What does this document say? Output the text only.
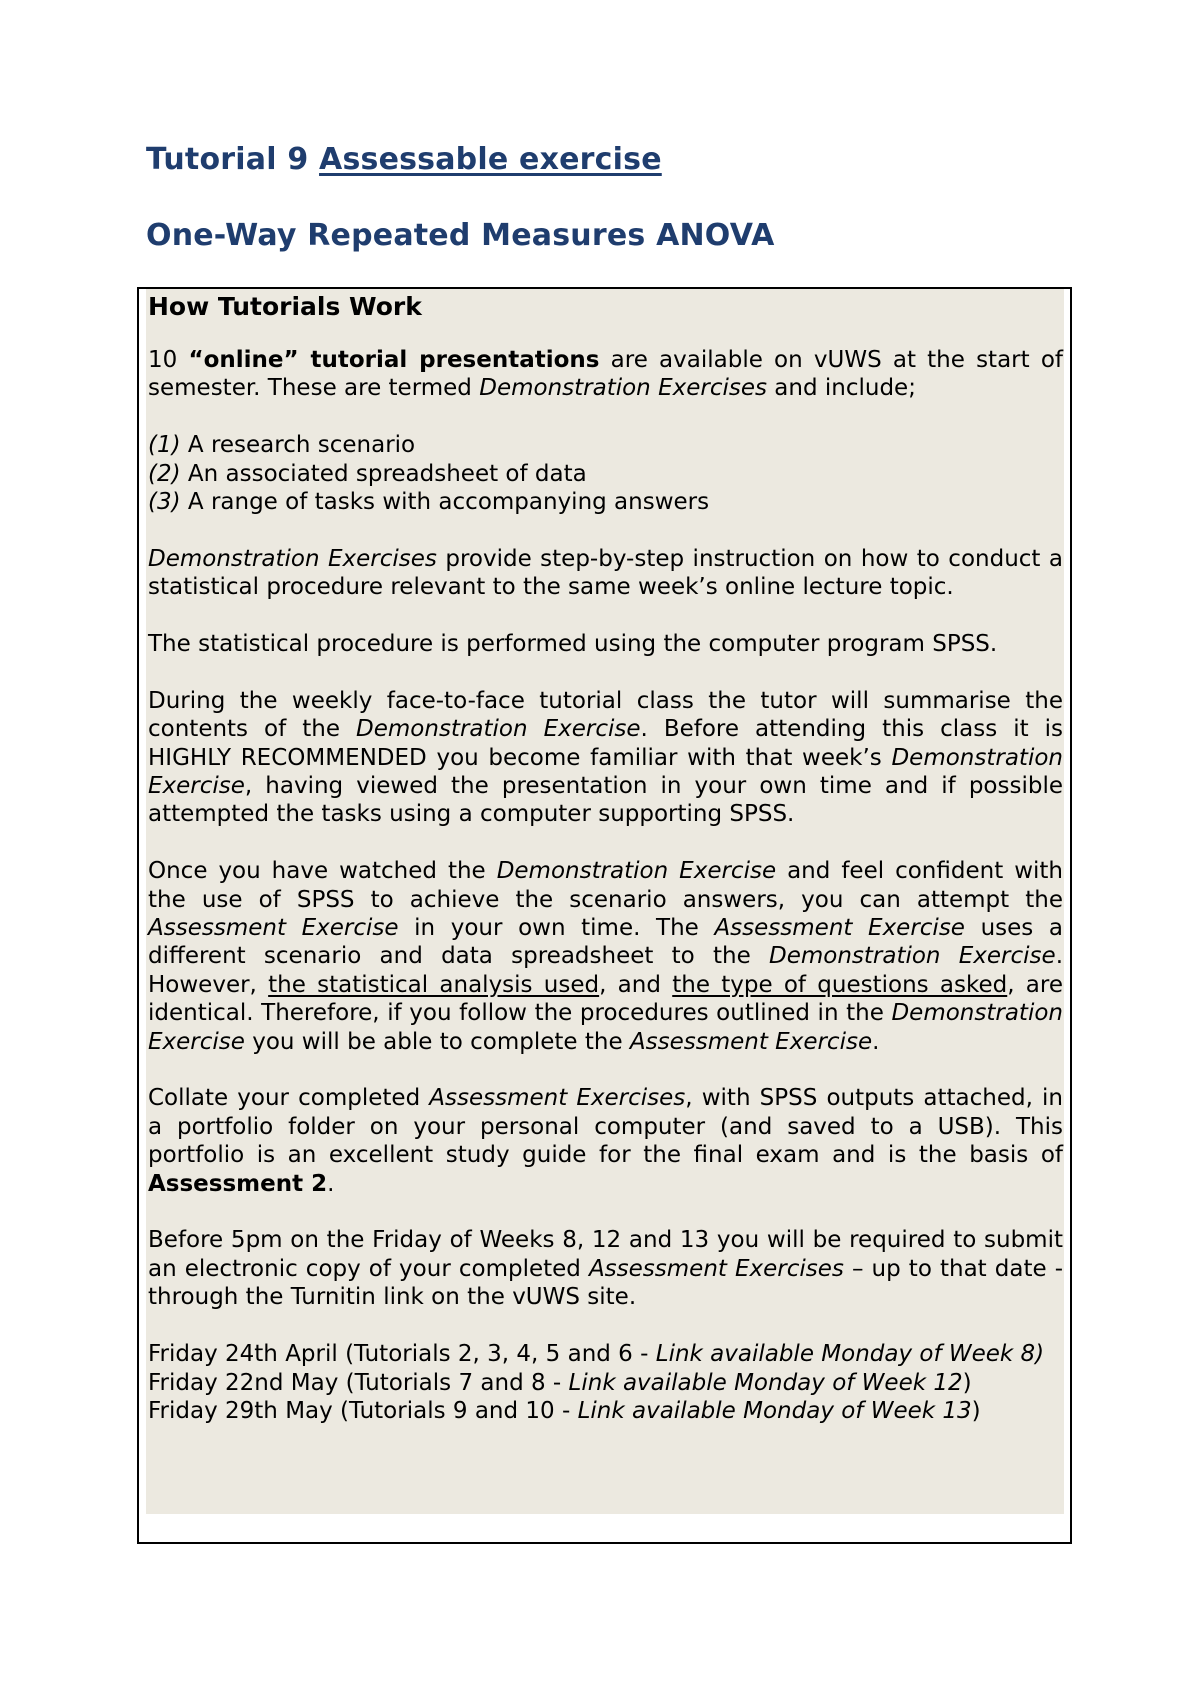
Tutorial 9 Assessable exercise
One-Way Repeated Measures ANOVA

How Tutorials Work

10 “online” tutorial presentations are available on vUWS at the start of semester. These are termed Demonstration Exercises and include;

(1) A research scenario

(2) An associated spreadsheet of data

(3) A range of tasks with accompanying answers

Demonstration Exercises provide step-by-step instruction on how to conduct a statistical procedure relevant to the same week’s online lecture topic.

The statistical procedure is performed using the computer program SPSS.

During the weekly face-to-face tutorial class the tutor will summarise the contents of the Demonstration Exercise. Before attending this class it is HIGHLY RECOMMENDED you become familiar with that week’s Demonstration Exercise, having viewed the presentation in your own time and if possible attempted the tasks using a computer supporting SPSS.

Once you have watched the Demonstration Exercise and feel confident with the use of SPSS to achieve the scenario answers, you can attempt the Assessment Exercise in your own time. The Assessment Exercise uses a different scenario and data spreadsheet to the Demonstration Exercise. However, the statistical analysis used, and the type of questions asked, are identical. Therefore, if you follow the procedures outlined in the Demonstration Exercise you will be able to complete the Assessment Exercise.

Collate your completed Assessment Exercises, with SPSS outputs attached, in a portfolio folder on your personal computer (and saved to a USB). This portfolio is an excellent study guide for the final exam and is the basis of Assessment 2.

Before 5pm on the Friday of Weeks 8, 12 and 13 you will be required to submit an electronic copy of your completed Assessment Exercises – up to that date - through the Turnitin link on the vUWS site.

Friday 24th April (Tutorials 2, 3, 4, 5 and 6 - Link available Monday of Week 8)

Friday 22nd May (Tutorials 7 and 8 - Link available Monday of Week 12)

Friday 29th May (Tutorials 9 and 10 - Link available Monday of Week 13)
